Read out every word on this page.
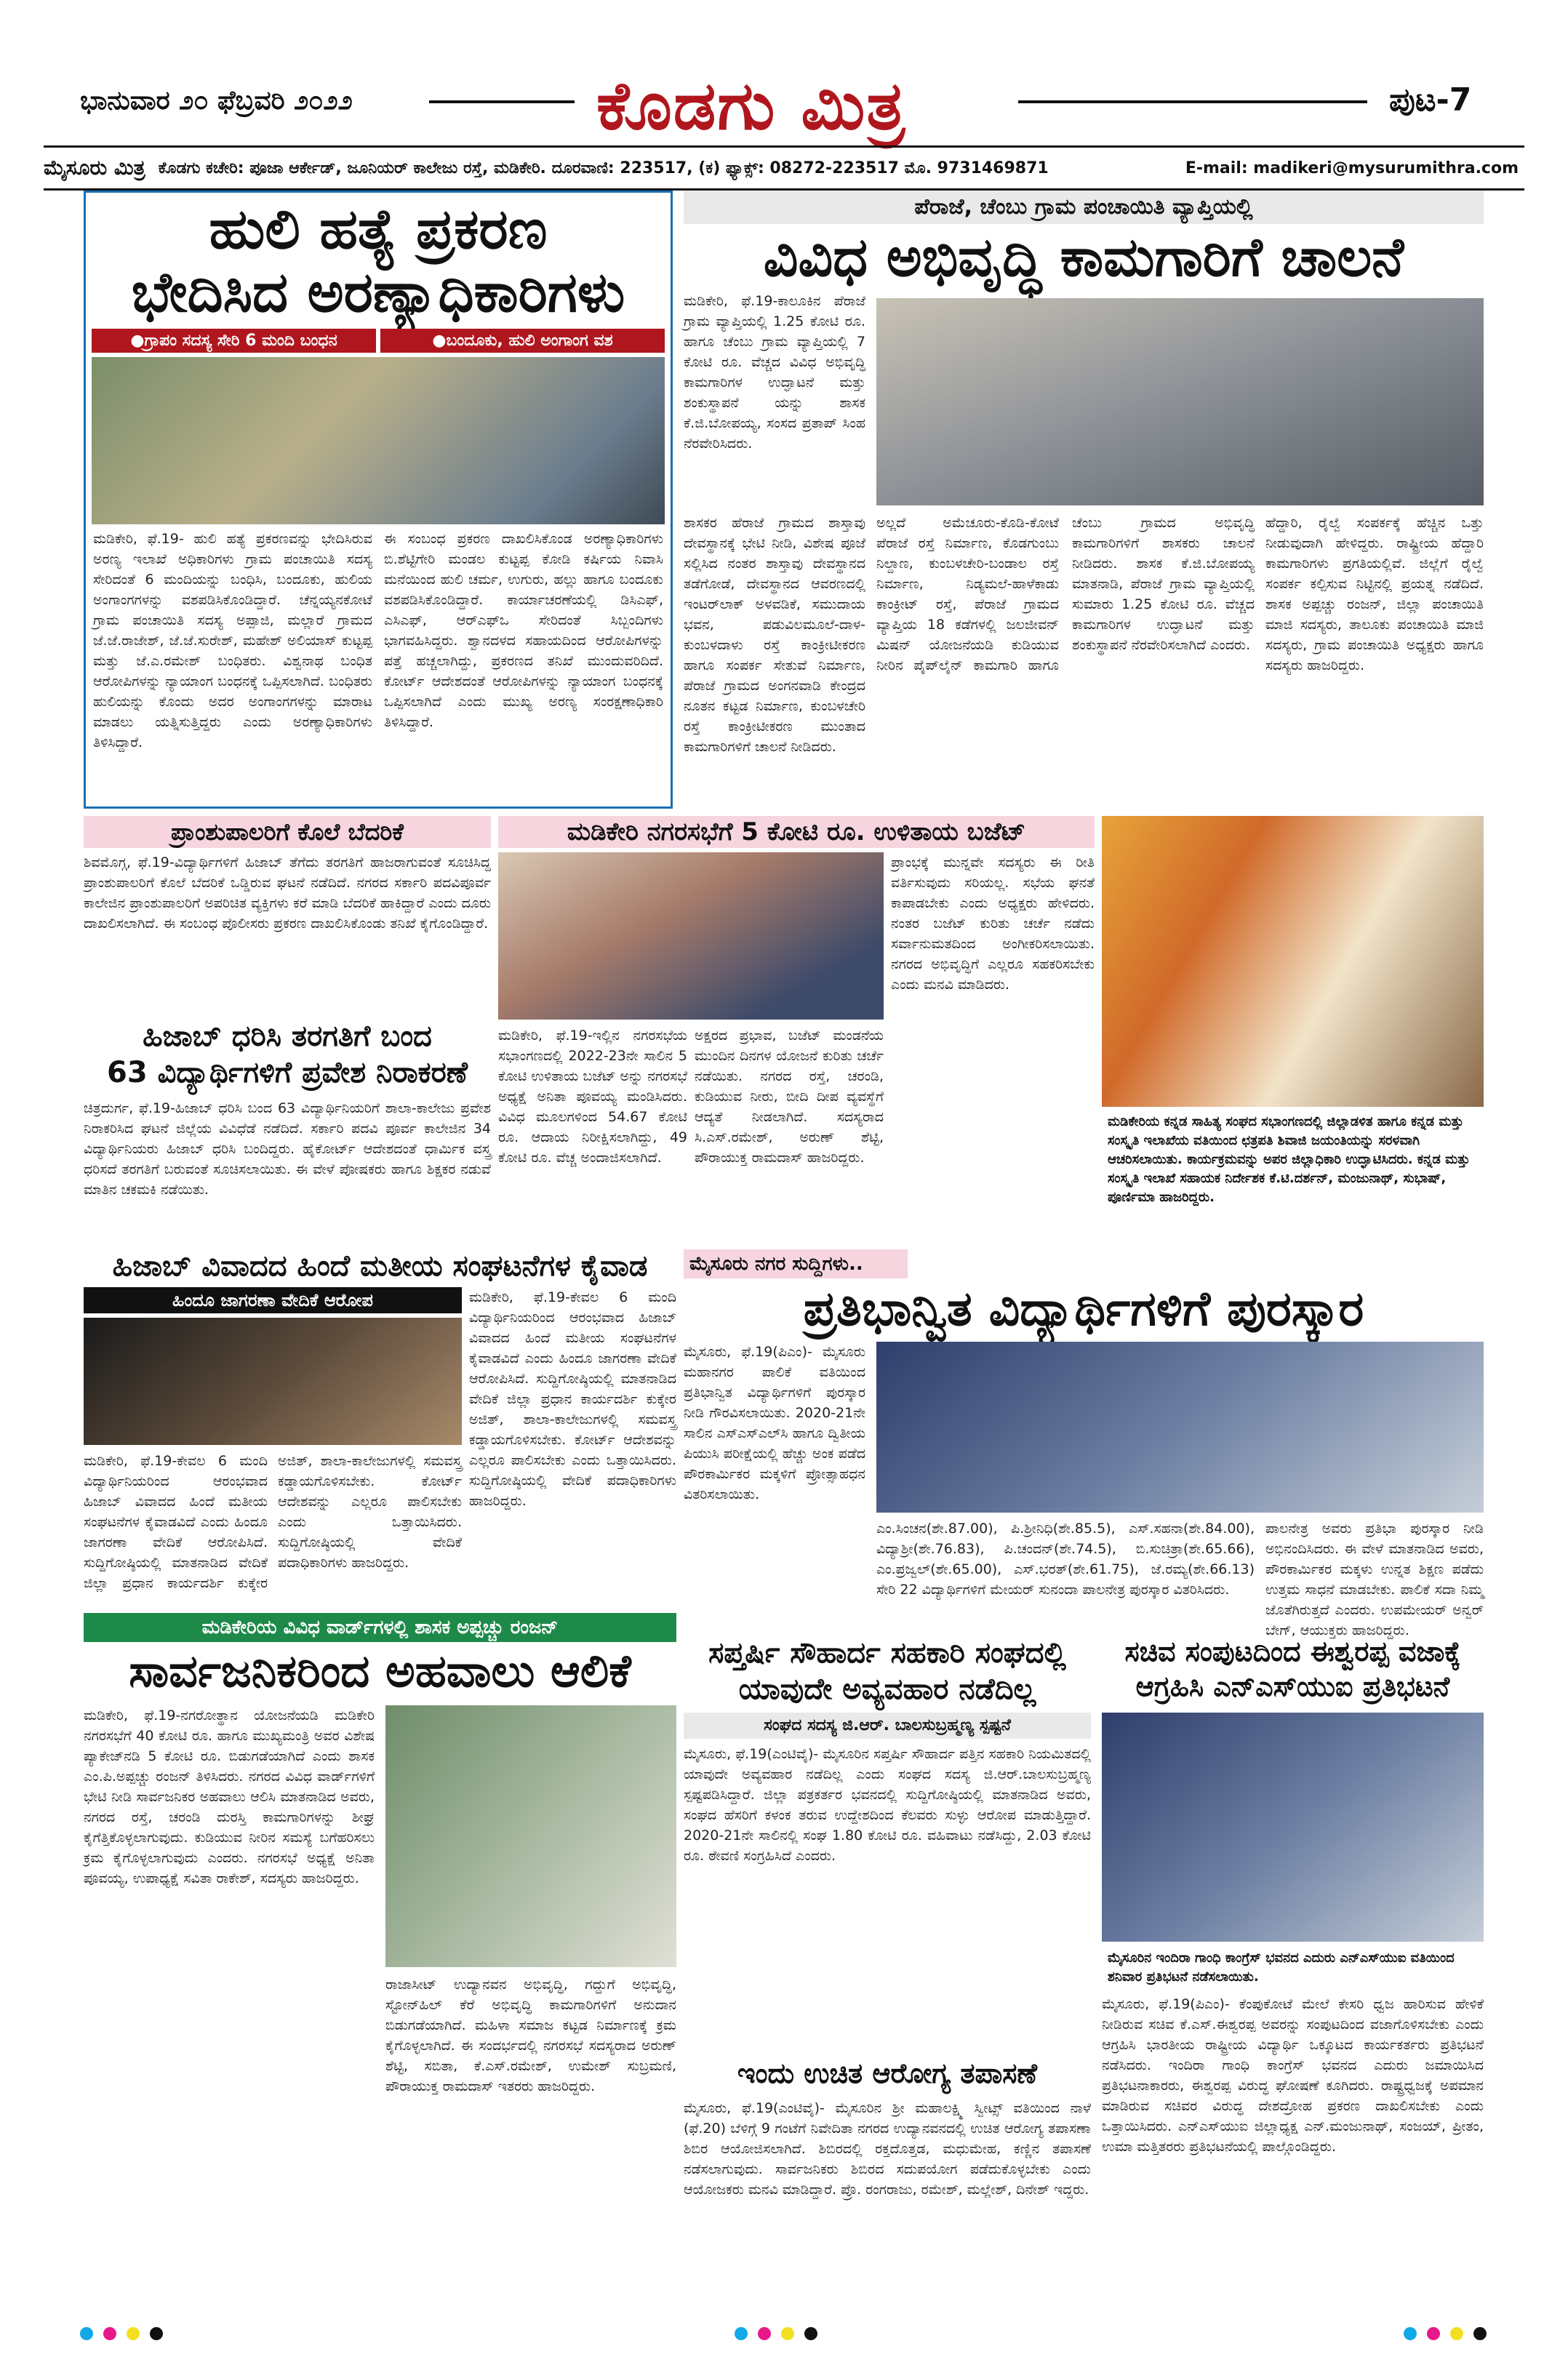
ಭಾನುವಾರ ೨೦ ಫೆಬ್ರವರಿ ೨೦೨೨	ಕೊಡಗು ಮಿತ್ರ	ಪುಟ-7
ಮೈಸೂರು ಮಿತ್ರ ಕೊಡಗು ಕಚೇರಿ: ಪೂಜಾ ಆರ್ಕೇಡ್, ಜೂನಿಯರ್ ಕಾಲೇಜು ರಸ್ತೆ, ಮಡಿಕೇರಿ. ದೂರವಾಣಿ: 223517, (ಕ) ಫ್ಯಾಕ್ಸ್: 08272-223517 ಮೊ. 9731469871	E-mail: madikeri@mysurumithra.com
ಹುಲಿ ಹತ್ಯೆ ಪ್ರಕರಣ
ಭೇದಿಸಿದ ಅರಣ್ಯಾಧಿಕಾರಿಗಳು
●ಗ್ರಾಪಂ ಸದಸ್ಯ ಸೇರಿ 6 ಮಂದಿ ಬಂಧನ	●ಬಂದೂಕು, ಹುಲಿ ಅಂಗಾಂಗ ವಶ
ಮಡಿಕೇರಿ, ಫೆ.19- ಹುಲಿ ಹತ್ಯೆ ಪ್ರಕರಣವನ್ನು ಭೇದಿಸಿರುವ ಅರಣ್ಯ ಇಲಾಖೆ ಅಧಿಕಾರಿಗಳು ಗ್ರಾಮ ಪಂಚಾಯಿತಿ ಸದಸ್ಯ ಸೇರಿದಂತೆ 6 ಮಂದಿಯನ್ನು ಬಂಧಿಸಿ, ಬಂದೂಕು, ಹುಲಿಯ ಅಂಗಾಂಗಗಳನ್ನು ವಶಪಡಿಸಿಕೊಂಡಿದ್ದಾರೆ. ಚೆನ್ನಯ್ಯನಕೋಟೆ ಗ್ರಾಮ ಪಂಚಾಯಿತಿ ಸದಸ್ಯ ಅಪ್ಪಾಜಿ, ಮಲ್ಲಾರೆ ಗ್ರಾಮದ ಜೆ.ಜೆ.ರಾಜೇಶ್, ಜೆ.ಜೆ.ಸುರೇಶ್, ಮಹೇಶ್ ಅಲಿಯಾಸ್ ಕುಟ್ಟಪ್ಪ ಮತ್ತು ಜೆ.ಎ.ರಮೇಶ್ ಬಂಧಿತರು. ವಿಶ್ವನಾಥ ಬಂಧಿತ ಆರೋಪಿಗಳನ್ನು ನ್ಯಾಯಾಂಗ ಬಂಧನಕ್ಕೆ ಒಪ್ಪಿಸಲಾಗಿದೆ. ಬಂಧಿತರು ಹುಲಿಯನ್ನು ಕೊಂದು ಅದರ ಅಂಗಾಂಗಗಳನ್ನು ಮಾರಾಟ ಮಾಡಲು ಯತ್ನಿಸುತ್ತಿದ್ದರು ಎಂದು ಅರಣ್ಯಾಧಿಕಾರಿಗಳು ತಿಳಿಸಿದ್ದಾರೆ.
ಈ ಸಂಬಂಧ ಪ್ರಕರಣ ದಾಖಲಿಸಿಕೊಂಡ ಅರಣ್ಯಾಧಿಕಾರಿಗಳು ಬಿ.ಶೆಟ್ಟಿಗೇರಿ ಮಂಡಲ ಕುಟ್ಟಪ್ಪ ಕೋಡಿ ಕರ್ಷಿಯ ನಿವಾಸಿ ಮನೆಯಿಂದ ಹುಲಿ ಚರ್ಮ, ಉಗುರು, ಹಲ್ಲು ಹಾಗೂ ಬಂದೂಕು ವಶಪಡಿಸಿಕೊಂಡಿದ್ದಾರೆ. ಕಾರ್ಯಾಚರಣೆಯಲ್ಲಿ ಡಿಸಿಎಫ್, ಎಸಿಎಫ್, ಆರ್‌ಎಫ್‌ಒ ಸೇರಿದಂತೆ ಸಿಬ್ಬಂದಿಗಳು ಭಾಗವಹಿಸಿದ್ದರು. ಶ್ವಾನದಳದ ಸಹಾಯದಿಂದ ಆರೋಪಿಗಳನ್ನು ಪತ್ತೆ ಹಚ್ಚಲಾಗಿದ್ದು, ಪ್ರಕರಣದ ತನಿಖೆ ಮುಂದುವರಿದಿದೆ. ಕೋರ್ಟ್ ಆದೇಶದಂತೆ ಆರೋಪಿಗಳನ್ನು ನ್ಯಾಯಾಂಗ ಬಂಧನಕ್ಕೆ ಒಪ್ಪಿಸಲಾಗಿದೆ ಎಂದು ಮುಖ್ಯ ಅರಣ್ಯ ಸಂರಕ್ಷಣಾಧಿಕಾರಿ ತಿಳಿಸಿದ್ದಾರೆ.
ಪೆರಾಜೆ, ಚೆಂಬು ಗ್ರಾಮ ಪಂಚಾಯಿತಿ ವ್ಯಾಪ್ತಿಯಲ್ಲಿ
ವಿವಿಧ ಅಭಿವೃದ್ಧಿ ಕಾಮಗಾರಿಗೆ ಚಾಲನೆ
ಮಡಿಕೇರಿ, ಫೆ.19-ಕಾಲೂಕಿನ ಪೆರಾಜೆ ಗ್ರಾಮ ವ್ಯಾಪ್ತಿಯಲ್ಲಿ 1.25 ಕೋಟಿ ರೂ. ಹಾಗೂ ಚೆಂಬು ಗ್ರಾಮ ವ್ಯಾಪ್ತಿಯಲ್ಲಿ 7 ಕೋಟಿ ರೂ. ವೆಚ್ಚದ ವಿವಿಧ ಅಭಿವೃದ್ಧಿ ಕಾಮಗಾರಿಗಳ ಉದ್ಘಾಟನೆ ಮತ್ತು ಶಂಕುಸ್ಥಾಪನೆ ಯನ್ನು ಶಾಸಕ ಕೆ.ಜಿ.ಬೋಪಯ್ಯ, ಸಂಸದ ಪ್ರತಾಪ್ ಸಿಂಹ ನೆರವೇರಿಸಿದರು.
ಶಾಸಕರ ಹೆರಾಜೆ ಗ್ರಾಮದ ಶಾಸ್ತಾವು ದೇವಸ್ಥಾನಕ್ಕೆ ಭೇಟಿ ನೀಡಿ, ವಿಶೇಷ ಪೂಜೆ ಸಲ್ಲಿಸಿದ ನಂತರ ಶಾಸ್ತಾವು ದೇವಸ್ಥಾನದ ತಡೆಗೋಡೆ, ದೇವಸ್ಥಾನದ ಆವರಣದಲ್ಲಿ ಇಂಟರ್‌ಲಾಕ್ ಅಳವಡಿಕೆ, ಸಮುದಾಯ ಭವನ, ಪಡುವಿಲಮೂಲೆ-ದಾಳ-ಕುಂಬಳದಾಳು ರಸ್ತೆ ಕಾಂಕ್ರೀಟೀಕರಣ ಹಾಗೂ ಸಂಪರ್ಕ ಸೇತುವೆ ನಿರ್ಮಾಣ, ಪೆರಾಜೆ ಗ್ರಾಮದ ಅಂಗನವಾಡಿ ಕೇಂದ್ರದ ನೂತನ ಕಟ್ಟಡ ನಿರ್ಮಾಣ, ಕುಂಬಳಚೇರಿ ರಸ್ತೆ ಕಾಂಕ್ರೀಟೀಕರಣ ಮುಂತಾದ ಕಾಮಗಾರಿಗಳಿಗೆ ಚಾಲನೆ ನೀಡಿದರು.
ಅಲ್ಲದೆ ಅಮೆಚೂರು-ಕೊಡಿ-ಕೋಟೆ ಪೆರಾಜೆ ರಸ್ತೆ ನಿರ್ಮಾಣ, ಕೊಡಗುಂಬು ನಿಲ್ದಾಣ, ಕುಂಬಳಚೇರಿ-ಬಂಡಾಲ ರಸ್ತೆ ನಿರ್ಮಾಣ, ನಿಡ್ಯಮಲೆ-ಹಾಳೆಕಾಡು ಕಾಂಕ್ರೀಟ್ ರಸ್ತೆ, ಪೆರಾಜೆ ಗ್ರಾಮದ ವ್ಯಾಪ್ತಿಯ 18 ಕಡೆಗಳಲ್ಲಿ ಜಲಜೀವನ್ ಮಿಷನ್ ಯೋಜನೆಯಡಿ ಕುಡಿಯುವ ನೀರಿನ ಪೈಪ್‌ಲೈನ್ ಕಾಮಗಾರಿ ಹಾಗೂ ಚೆಂಬು ಗ್ರಾಮದ ಅಭಿವೃದ್ಧಿ ಕಾಮಗಾರಿಗಳಿಗೆ ಶಾಸಕರು ಚಾಲನೆ ನೀಡಿದರು. ಶಾಸಕ ಕೆ.ಜಿ.ಬೋಪಯ್ಯ ಮಾತನಾಡಿ, ಪೆರಾಜೆ ಗ್ರಾಮ ವ್ಯಾಪ್ತಿಯಲ್ಲಿ ಸುಮಾರು 1.25 ಕೋಟಿ ರೂ. ವೆಚ್ಚದ ಕಾಮಗಾರಿಗಳ ಉದ್ಘಾಟನೆ ಮತ್ತು ಶಂಕುಸ್ಥಾಪನೆ ನೆರವೇರಿಸಲಾಗಿದೆ ಎಂದರು.
ಹೆದ್ದಾರಿ, ರೈಲ್ವೆ ಸಂಪರ್ಕಕ್ಕೆ ಹೆಚ್ಚಿನ ಒತ್ತು ನೀಡುವುದಾಗಿ ಹೇಳಿದ್ದರು. ರಾಷ್ಟ್ರೀಯ ಹೆದ್ದಾರಿ ಕಾಮಗಾರಿಗಳು ಪ್ರಗತಿಯಲ್ಲಿವೆ. ಜಿಲ್ಲೆಗೆ ರೈಲ್ವೆ ಸಂಪರ್ಕ ಕಲ್ಪಿಸುವ ನಿಟ್ಟಿನಲ್ಲಿ ಪ್ರಯತ್ನ ನಡೆದಿದೆ. ಶಾಸಕ ಅಪ್ಪಚ್ಚು ರಂಜನ್, ಜಿಲ್ಲಾ ಪಂಚಾಯಿತಿ ಮಾಜಿ ಸದಸ್ಯರು, ತಾಲೂಕು ಪಂಚಾಯಿತಿ ಮಾಜಿ ಸದಸ್ಯರು, ಗ್ರಾಮ ಪಂಚಾಯಿತಿ ಅಧ್ಯಕ್ಷರು ಹಾಗೂ ಸದಸ್ಯರು ಹಾಜರಿದ್ದರು.
ಪ್ರಾಂಶುಪಾಲರಿಗೆ ಕೊಲೆ ಬೆದರಿಕೆ
ಶಿವಮೊಗ್ಗ, ಫೆ.19-ವಿದ್ಯಾರ್ಥಿಗಳಿಗೆ ಹಿಜಾಬ್ ತೆಗೆದು ತರಗತಿಗೆ ಹಾಜರಾಗುವಂತೆ ಸೂಚಿಸಿದ್ದ ಪ್ರಾಂಶುಪಾಲರಿಗೆ ಕೊಲೆ ಬೆದರಿಕೆ ಒಡ್ಡಿರುವ ಘಟನೆ ನಡೆದಿದೆ. ನಗರದ ಸರ್ಕಾರಿ ಪದವಿಪೂರ್ವ ಕಾಲೇಜಿನ ಪ್ರಾಂಶುಪಾಲರಿಗೆ ಅಪರಿಚಿತ ವ್ಯಕ್ತಿಗಳು ಕರೆ ಮಾಡಿ ಬೆದರಿಕೆ ಹಾಕಿದ್ದಾರೆ ಎಂದು ದೂರು ದಾಖಲಿಸಲಾಗಿದೆ. ಈ ಸಂಬಂಧ ಪೊಲೀಸರು ಪ್ರಕರಣ ದಾಖಲಿಸಿಕೊಂಡು ತನಿಖೆ ಕೈಗೊಂಡಿದ್ದಾರೆ.
ಹಿಜಾಬ್ ಧರಿಸಿ ತರಗತಿಗೆ ಬಂದ
63 ವಿದ್ಯಾರ್ಥಿಗಳಿಗೆ ಪ್ರವೇಶ ನಿರಾಕರಣೆ
ಚಿತ್ರದುರ್ಗ, ಫೆ.19-ಹಿಜಾಬ್ ಧರಿಸಿ ಬಂದ 63 ವಿದ್ಯಾರ್ಥಿನಿಯರಿಗೆ ಶಾಲಾ-ಕಾಲೇಜು ಪ್ರವೇಶ ನಿರಾಕರಿಸಿದ ಘಟನೆ ಜಿಲ್ಲೆಯ ವಿವಿಧೆಡೆ ನಡೆದಿದೆ. ಸರ್ಕಾರಿ ಪದವಿ ಪೂರ್ವ ಕಾಲೇಜಿನ 34 ವಿದ್ಯಾರ್ಥಿನಿಯರು ಹಿಜಾಬ್ ಧರಿಸಿ ಬಂದಿದ್ದರು. ಹೈಕೋರ್ಟ್ ಆದೇಶದಂತೆ ಧಾರ್ಮಿಕ ವಸ್ತ್ರ ಧರಿಸದೆ ತರಗತಿಗೆ ಬರುವಂತೆ ಸೂಚಿಸಲಾಯಿತು. ಈ ವೇಳೆ ಪೋಷಕರು ಹಾಗೂ ಶಿಕ್ಷಕರ ನಡುವೆ ಮಾತಿನ ಚಕಮಕಿ ನಡೆಯಿತು.
ಮಡಿಕೇರಿ ನಗರಸಭೆಗೆ 5 ಕೋಟಿ ರೂ. ಉಳಿತಾಯ ಬಜೆಟ್
ಮಡಿಕೇರಿ, ಫೆ.19-ಇಲ್ಲಿನ ನಗರಸಭೆಯ ಸಭಾಂಗಣದಲ್ಲಿ 2022-23ನೇ ಸಾಲಿನ 5 ಕೋಟಿ ಉಳಿತಾಯ ಬಜೆಟ್ ಅನ್ನು ನಗರಸಭೆ ಅಧ್ಯಕ್ಷೆ ಅನಿತಾ ಪೂವಯ್ಯ ಮಂಡಿಸಿದರು. ವಿವಿಧ ಮೂಲಗಳಿಂದ 54.67 ಕೋಟಿ ರೂ. ಆದಾಯ ನಿರೀಕ್ಷಿಸಲಾಗಿದ್ದು, 49 ಕೋಟಿ ರೂ. ವೆಚ್ಚ ಅಂದಾಜಿಸಲಾಗಿದೆ.
ಅಕ್ಷರದ ಪ್ರಭಾವ, ಬಜೆಟ್ ಮಂಡನೆಯ ಮುಂದಿನ ದಿನಗಳ ಯೋಜನೆ ಕುರಿತು ಚರ್ಚೆ ನಡೆಯಿತು. ನಗರದ ರಸ್ತೆ, ಚರಂಡಿ, ಕುಡಿಯುವ ನೀರು, ಬೀದಿ ದೀಪ ವ್ಯವಸ್ಥೆಗೆ ಆದ್ಯತೆ ನೀಡಲಾಗಿದೆ. ಸದಸ್ಯರಾದ ಸಿ.ಎಸ್.ರಮೇಶ್, ಅರುಣ್ ಶೆಟ್ಟಿ, ಪೌರಾಯುಕ್ತ ರಾಮದಾಸ್ ಹಾಜರಿದ್ದರು.
ಪ್ರಾಂಭಕ್ಕೆ ಮುನ್ನವೇ ಸದಸ್ಯರು ಈ ರೀತಿ ವರ್ತಿಸುವುದು ಸರಿಯಲ್ಲ. ಸಭೆಯ ಘನತೆ ಕಾಪಾಡಬೇಕು ಎಂದು ಅಧ್ಯಕ್ಷರು ಹೇಳಿದರು. ನಂತರ ಬಜೆಟ್ ಕುರಿತು ಚರ್ಚೆ ನಡೆದು ಸರ್ವಾನುಮತದಿಂದ ಅಂಗೀಕರಿಸಲಾಯಿತು. ನಗರದ ಅಭಿವೃದ್ಧಿಗೆ ಎಲ್ಲರೂ ಸಹಕರಿಸಬೇಕು ಎಂದು ಮನವಿ ಮಾಡಿದರು.
ಮಡಿಕೇರಿಯ ಕನ್ನಡ ಸಾಹಿತ್ಯ ಸಂಘದ ಸಭಾಂಗಣದಲ್ಲಿ ಜಿಲ್ಲಾಡಳಿತ ಹಾಗೂ ಕನ್ನಡ ಮತ್ತು ಸಂಸ್ಕೃತಿ ಇಲಾಖೆಯ ವತಿಯಿಂದ ಛತ್ರಪತಿ ಶಿವಾಜಿ ಜಯಂತಿಯನ್ನು ಸರಳವಾಗಿ ಆಚರಿಸಲಾಯಿತು. ಕಾರ್ಯಕ್ರಮವನ್ನು ಅಪರ ಜಿಲ್ಲಾಧಿಕಾರಿ ಉದ್ಘಾಟಿಸಿದರು. ಕನ್ನಡ ಮತ್ತು ಸಂಸ್ಕೃತಿ ಇಲಾಖೆ ಸಹಾಯಕ ನಿರ್ದೇಶಕ ಕೆ.ಟಿ.ದರ್ಶನ್, ಮಂಜುನಾಥ್, ಸುಭಾಷ್, ಪೂರ್ಣಿಮಾ ಹಾಜರಿದ್ದರು.
ಮೈಸೂರು ನಗರ ಸುದ್ದಿಗಳು..
ಪ್ರತಿಭಾನ್ವಿತ ವಿದ್ಯಾರ್ಥಿಗಳಿಗೆ ಪುರಸ್ಕಾರ
ಮೈಸೂರು, ಫೆ.19(ಪಿಎಂ)- ಮೈಸೂರು ಮಹಾನಗರ ಪಾಲಿಕೆ ವತಿಯಿಂದ ಪ್ರತಿಭಾನ್ವಿತ ವಿದ್ಯಾರ್ಥಿಗಳಿಗೆ ಪುರಸ್ಕಾರ ನೀಡಿ ಗೌರವಿಸಲಾಯಿತು. 2020-21ನೇ ಸಾಲಿನ ಎಸ್‌ಎಸ್‌ಎಲ್‌ಸಿ ಹಾಗೂ ದ್ವಿತೀಯ ಪಿಯುಸಿ ಪರೀಕ್ಷೆಯಲ್ಲಿ ಹೆಚ್ಚು ಅಂಕ ಪಡೆದ ಪೌರಕಾರ್ಮಿಕರ ಮಕ್ಕಳಿಗೆ ಪ್ರೋತ್ಸಾಹಧನ ವಿತರಿಸಲಾಯಿತು.
ಎಂ.ಸಿಂಚನ(ಶೇ.87.00), ಪಿ.ಶ್ರೀನಿಧಿ(ಶೇ.85.5), ಎಸ್.ಸಹನಾ(ಶೇ.84.00), ವಿದ್ಯಾಶ್ರೀ(ಶೇ.76.83), ಪಿ.ಚಂದನ್(ಶೇ.74.5), ಬಿ.ಸುಚಿತ್ರಾ(ಶೇ.65.66), ಎಂ.ಪ್ರಜ್ವಲ್(ಶೇ.65.00), ಎಸ್.ಭರತ್(ಶೇ.61.75), ಜೆ.ರಮ್ಯ(ಶೇ.66.13) ಸೇರಿ 22 ವಿದ್ಯಾರ್ಥಿಗಳಿಗೆ ಮೇಯರ್ ಸುನಂದಾ ಪಾಲನೇತ್ರ ಪುರಸ್ಕಾರ ವಿತರಿಸಿದರು.
ಪಾಲನೇತ್ರ ಅವರು ಪ್ರತಿಭಾ ಪುರಸ್ಕಾರ ನೀಡಿ ಅಭಿನಂದಿಸಿದರು. ಈ ವೇಳೆ ಮಾತನಾಡಿದ ಅವರು, ಪೌರಕಾರ್ಮಿಕರ ಮಕ್ಕಳು ಉನ್ನತ ಶಿಕ್ಷಣ ಪಡೆದು ಉತ್ತಮ ಸಾಧನೆ ಮಾಡಬೇಕು. ಪಾಲಿಕೆ ಸದಾ ನಿಮ್ಮ ಜೊತೆಗಿರುತ್ತದೆ ಎಂದರು. ಉಪಮೇಯರ್ ಅನ್ವರ್ ಬೇಗ್, ಆಯುಕ್ತರು ಹಾಜರಿದ್ದರು.
ಹಿಜಾಬ್ ವಿವಾದದ ಹಿಂದೆ ಮತೀಯ ಸಂಘಟನೆಗಳ ಕೈವಾಡ
ಹಿಂದೂ ಜಾಗರಣಾ ವೇದಿಕೆ ಆರೋಪ	ಮಡಿಕೇರಿ, ಫೆ.19-ಕೇವಲ 6 ಮಂದಿ ವಿದ್ಯಾರ್ಥಿನಿಯರಿಂದ ಆರಂಭವಾದ ಹಿಜಾಬ್ ವಿವಾದದ ಹಿಂದೆ ಮತೀಯ ಸಂಘಟನೆಗಳ ಕೈವಾಡವಿದೆ ಎಂದು ಹಿಂದೂ ಜಾಗರಣಾ ವೇದಿಕೆ ಆರೋಪಿಸಿದೆ. ಸುದ್ದಿಗೋಷ್ಠಿಯಲ್ಲಿ ಮಾತನಾಡಿದ ವೇದಿಕೆ ಜಿಲ್ಲಾ ಪ್ರಧಾನ ಕಾರ್ಯದರ್ಶಿ ಕುಕ್ಕೇರ ಅಜಿತ್, ಶಾಲಾ-ಕಾಲೇಜುಗಳಲ್ಲಿ ಸಮವಸ್ತ್ರ ಕಡ್ಡಾಯಗೊಳಿಸಬೇಕು. ಕೋರ್ಟ್ ಆದೇಶವನ್ನು ಎಲ್ಲರೂ ಪಾಲಿಸಬೇಕು ಎಂದು ಒತ್ತಾಯಿಸಿದರು. ಸುದ್ದಿಗೋಷ್ಠಿಯಲ್ಲಿ ವೇದಿಕೆ ಪದಾಧಿಕಾರಿಗಳು ಹಾಜರಿದ್ದರು.
ಮಡಿಕೇರಿ, ಫೆ.19-ಕೇವಲ 6 ಮಂದಿ ವಿದ್ಯಾರ್ಥಿನಿಯರಿಂದ ಆರಂಭವಾದ ಹಿಜಾಬ್ ವಿವಾದದ ಹಿಂದೆ ಮತೀಯ ಸಂಘಟನೆಗಳ ಕೈವಾಡವಿದೆ ಎಂದು ಹಿಂದೂ ಜಾಗರಣಾ ವೇದಿಕೆ ಆರೋಪಿಸಿದೆ. ಸುದ್ದಿಗೋಷ್ಠಿಯಲ್ಲಿ ಮಾತನಾಡಿದ ವೇದಿಕೆ ಜಿಲ್ಲಾ ಪ್ರಧಾನ ಕಾರ್ಯದರ್ಶಿ ಕುಕ್ಕೇರ ಅಜಿತ್, ಶಾಲಾ-ಕಾಲೇಜುಗಳಲ್ಲಿ ಸಮವಸ್ತ್ರ ಕಡ್ಡಾಯಗೊಳಿಸಬೇಕು. ಕೋರ್ಟ್ ಆದೇಶವನ್ನು ಎಲ್ಲರೂ ಪಾಲಿಸಬೇಕು ಎಂದು ಒತ್ತಾಯಿಸಿದರು. ಸುದ್ದಿಗೋಷ್ಠಿಯಲ್ಲಿ ವೇದಿಕೆ ಪದಾಧಿಕಾರಿಗಳು ಹಾಜರಿದ್ದರು.
ಮಡಿಕೇರಿಯ ವಿವಿಧ ವಾರ್ಡ್‌ಗಳಲ್ಲಿ ಶಾಸಕ ಅಪ್ಪಚ್ಚು ರಂಜನ್
ಸಾರ್ವಜನಿಕರಿಂದ ಅಹವಾಲು ಆಲಿಕೆ
ಮಡಿಕೇರಿ, ಫೆ.19-ನಗರೋತ್ಥಾನ ಯೋಜನೆಯಡಿ ಮಡಿಕೇರಿ ನಗರಸಭೆಗೆ 40 ಕೋಟಿ ರೂ. ಹಾಗೂ ಮುಖ್ಯಮಂತ್ರಿ ಅವರ ವಿಶೇಷ ಪ್ಯಾಕೇಜ್‌ನಡಿ 5 ಕೋಟಿ ರೂ. ಬಿಡುಗಡೆಯಾಗಿದೆ ಎಂದು ಶಾಸಕ ಎಂ.ಪಿ.ಅಪ್ಪಚ್ಚು ರಂಜನ್ ತಿಳಿಸಿದರು. ನಗರದ ವಿವಿಧ ವಾರ್ಡ್‌ಗಳಿಗೆ ಭೇಟಿ ನೀಡಿ ಸಾರ್ವಜನಿಕರ ಅಹವಾಲು ಆಲಿಸಿ ಮಾತನಾಡಿದ ಅವರು, ನಗರದ ರಸ್ತೆ, ಚರಂಡಿ ದುರಸ್ತಿ ಕಾಮಗಾರಿಗಳನ್ನು ಶೀಘ್ರ ಕೈಗೆತ್ತಿಕೊಳ್ಳಲಾಗುವುದು. ಕುಡಿಯುವ ನೀರಿನ ಸಮಸ್ಯೆ ಬಗೆಹರಿಸಲು ಕ್ರಮ ಕೈಗೊಳ್ಳಲಾಗುವುದು ಎಂದರು. ನಗರಸಭೆ ಅಧ್ಯಕ್ಷೆ ಅನಿತಾ ಪೂವಯ್ಯ, ಉಪಾಧ್ಯಕ್ಷೆ ಸವಿತಾ ರಾಕೇಶ್, ಸದಸ್ಯರು ಹಾಜರಿದ್ದರು.
ರಾಜಾಸೀಟ್ ಉದ್ಯಾನವನ ಅಭಿವೃದ್ಧಿ, ಗದ್ದುಗೆ ಅಭಿವೃದ್ಧಿ, ಸ್ಟೋನ್‌ಹಿಲ್ ಕೆರೆ ಅಭಿವೃದ್ಧಿ ಕಾಮಗಾರಿಗಳಿಗೆ ಅನುದಾನ ಬಿಡುಗಡೆಯಾಗಿದೆ. ಮಹಿಳಾ ಸಮಾಜ ಕಟ್ಟಡ ನಿರ್ಮಾಣಕ್ಕೆ ಕ್ರಮ ಕೈಗೊಳ್ಳಲಾಗಿದೆ. ಈ ಸಂದರ್ಭದಲ್ಲಿ ನಗರಸಭೆ ಸದಸ್ಯರಾದ ಅರುಣ್ ಶೆಟ್ಟಿ, ಸಬಿತಾ, ಕೆ.ಎಸ್.ರಮೇಶ್, ಉಮೇಶ್ ಸುಬ್ರಮಣಿ, ಪೌರಾಯುಕ್ತ ರಾಮದಾಸ್ ಇತರರು ಹಾಜರಿದ್ದರು.
ಸಪ್ತರ್ಷಿ ಸೌಹಾರ್ದ ಸಹಕಾರಿ ಸಂಘದಲ್ಲಿ
ಯಾವುದೇ ಅವ್ಯವಹಾರ ನಡೆದಿಲ್ಲ
ಸಂಘದ ಸದಸ್ಯ ಜಿ.ಆರ್. ಬಾಲಸುಬ್ರಹ್ಮಣ್ಯ ಸ್ಪಷ್ಟನೆ
ಮೈಸೂರು, ಫೆ.19(ಎಂಟಿವೈ)- ಮೈಸೂರಿನ ಸಪ್ತರ್ಷಿ ಸೌಹಾರ್ದ ಪತ್ತಿನ ಸಹಕಾರಿ ನಿಯಮಿತದಲ್ಲಿ ಯಾವುದೇ ಅವ್ಯವಹಾರ ನಡೆದಿಲ್ಲ ಎಂದು ಸಂಘದ ಸದಸ್ಯ ಜಿ.ಆರ್.ಬಾಲಸುಬ್ರಹ್ಮಣ್ಯ ಸ್ಪಷ್ಟಪಡಿಸಿದ್ದಾರೆ. ಜಿಲ್ಲಾ ಪತ್ರಕರ್ತರ ಭವನದಲ್ಲಿ ಸುದ್ದಿಗೋಷ್ಠಿಯಲ್ಲಿ ಮಾತನಾಡಿದ ಅವರು, ಸಂಘದ ಹೆಸರಿಗೆ ಕಳಂಕ ತರುವ ಉದ್ದೇಶದಿಂದ ಕೆಲವರು ಸುಳ್ಳು ಆರೋಪ ಮಾಡುತ್ತಿದ್ದಾರೆ. 2020-21ನೇ ಸಾಲಿನಲ್ಲಿ ಸಂಘ 1.80 ಕೋಟಿ ರೂ. ವಹಿವಾಟು ನಡೆಸಿದ್ದು, 2.03 ಕೋಟಿ ರೂ. ಠೇವಣಿ ಸಂಗ್ರಹಿಸಿದೆ ಎಂದರು.
ಇಂದು ಉಚಿತ ಆರೋಗ್ಯ ತಪಾಸಣೆ
ಮೈಸೂರು, ಫೆ.19(ಎಂಟಿವೈ)- ಮೈಸೂರಿನ ಶ್ರೀ ಮಹಾಲಕ್ಷ್ಮಿ ಸ್ವೀಟ್ಸ್ ವತಿಯಿಂದ ನಾಳೆ (ಫೆ.20) ಬೆಳಿಗ್ಗೆ 9 ಗಂಟೆಗೆ ನಿವೇದಿತಾ ನಗರದ ಉದ್ಯಾನವನದಲ್ಲಿ ಉಚಿತ ಆರೋಗ್ಯ ತಪಾಸಣಾ ಶಿಬಿರ ಆಯೋಜಿಸಲಾಗಿದೆ. ಶಿಬಿರದಲ್ಲಿ ರಕ್ತದೊತ್ತಡ, ಮಧುಮೇಹ, ಕಣ್ಣಿನ ತಪಾಸಣೆ ನಡೆಸಲಾಗುವುದು. ಸಾರ್ವಜನಿಕರು ಶಿಬಿರದ ಸದುಪಯೋಗ ಪಡೆದುಕೊಳ್ಳಬೇಕು ಎಂದು ಆಯೋಜಕರು ಮನವಿ ಮಾಡಿದ್ದಾರೆ. ಪ್ರೊ. ರಂಗರಾಜು, ರಮೇಶ್, ಮಲ್ಲೇಶ್, ದಿನೇಶ್ ಇದ್ದರು.
ಸಚಿವ ಸಂಪುಟದಿಂದ ಈಶ್ವರಪ್ಪ ವಜಾಕ್ಕೆ
ಆಗ್ರಹಿಸಿ ಎನ್‌ಎಸ್‌ಯುಐ ಪ್ರತಿಭಟನೆ
ಮೈಸೂರಿನ ಇಂದಿರಾ ಗಾಂಧಿ ಕಾಂಗ್ರೆಸ್ ಭವನದ ಎದುರು ಎನ್‌ಎಸ್‌ಯುಐ ವತಿಯಿಂದ ಶನಿವಾರ ಪ್ರತಿಭಟನೆ ನಡೆಸಲಾಯಿತು.
ಮೈಸೂರು, ಫೆ.19(ಪಿಎಂ)- ಕೆಂಪುಕೋಟೆ ಮೇಲೆ ಕೇಸರಿ ಧ್ವಜ ಹಾರಿಸುವ ಹೇಳಿಕೆ ನೀಡಿರುವ ಸಚಿವ ಕೆ.ಎಸ್.ಈಶ್ವರಪ್ಪ ಅವರನ್ನು ಸಂಪುಟದಿಂದ ವಜಾಗೊಳಿಸಬೇಕು ಎಂದು ಆಗ್ರಹಿಸಿ ಭಾರತೀಯ ರಾಷ್ಟ್ರೀಯ ವಿದ್ಯಾರ್ಥಿ ಒಕ್ಕೂಟದ ಕಾರ್ಯಕರ್ತರು ಪ್ರತಿಭಟನೆ ನಡೆಸಿದರು. ಇಂದಿರಾ ಗಾಂಧಿ ಕಾಂಗ್ರೆಸ್ ಭವನದ ಎದುರು ಜಮಾಯಿಸಿದ ಪ್ರತಿಭಟನಾಕಾರರು, ಈಶ್ವರಪ್ಪ ವಿರುದ್ಧ ಘೋಷಣೆ ಕೂಗಿದರು. ರಾಷ್ಟ್ರಧ್ವಜಕ್ಕೆ ಅಪಮಾನ ಮಾಡಿರುವ ಸಚಿವರ ವಿರುದ್ಧ ದೇಶದ್ರೋಹ ಪ್ರಕರಣ ದಾಖಲಿಸಬೇಕು ಎಂದು ಒತ್ತಾಯಿಸಿದರು. ಎನ್‌ಎಸ್‌ಯುಐ ಜಿಲ್ಲಾಧ್ಯಕ್ಷ ಎನ್.ಮಂಜುನಾಥ್, ಸಂಜಯ್, ಪ್ರೀತಂ, ಉಮಾ ಮತ್ತಿತರರು ಪ್ರತಿಭಟನೆಯಲ್ಲಿ ಪಾಲ್ಗೊಂಡಿದ್ದರು.
